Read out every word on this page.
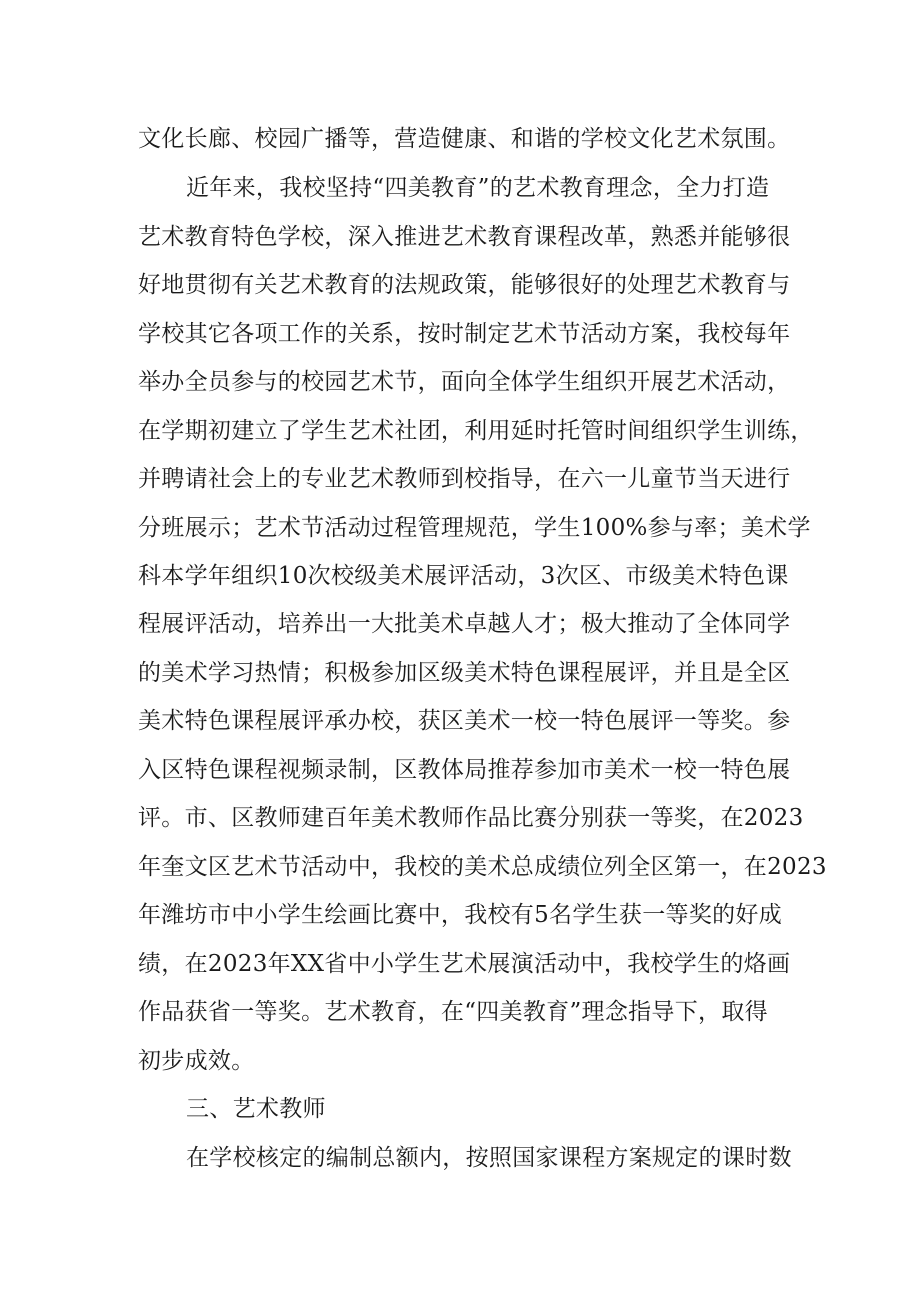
文化长廊、校园广播等，营造健康、和谐的学校文化艺术氛围。
近年来，我校坚持“四美教育”的艺术教育理念，全力打造
艺术教育特色学校，深入推进艺术教育课程改革，熟悉并能够很
好地贯彻有关艺术教育的法规政策，能够很好的处理艺术教育与
学校其它各项工作的关系，按时制定艺术节活动方案，我校每年
举办全员参与的校园艺术节，面向全体学生组织开展艺术活动，
在学期初建立了学生艺术社团，利用延时托管时间组织学生训练，
并聘请社会上的专业艺术教师到校指导，在六一儿童节当天进行
分班展示；艺术节活动过程管理规范，学生100%参与率；美术学
科本学年组织10次校级美术展评活动，3次区、市级美术特色课
程展评活动，培养出一大批美术卓越人才；极大推动了全体同学
的美术学习热情；积极参加区级美术特色课程展评，并且是全区
美术特色课程展评承办校，获区美术一校一特色展评一等奖。参
入区特色课程视频录制，区教体局推荐参加市美术一校一特色展
评。市、区教师建百年美术教师作品比赛分别获一等奖，在2023
年奎文区艺术节活动中，我校的美术总成绩位列全区第一，在2023
年潍坊市中小学生绘画比赛中，我校有5名学生获一等奖的好成
绩，在2023年XX省中小学生艺术展演活动中，我校学生的烙画
作品获省一等奖。艺术教育，在“四美教育”理念指导下，取得
初步成效。
三、艺术教师
在学校核定的编制总额内，按照国家课程方案规定的课时数
